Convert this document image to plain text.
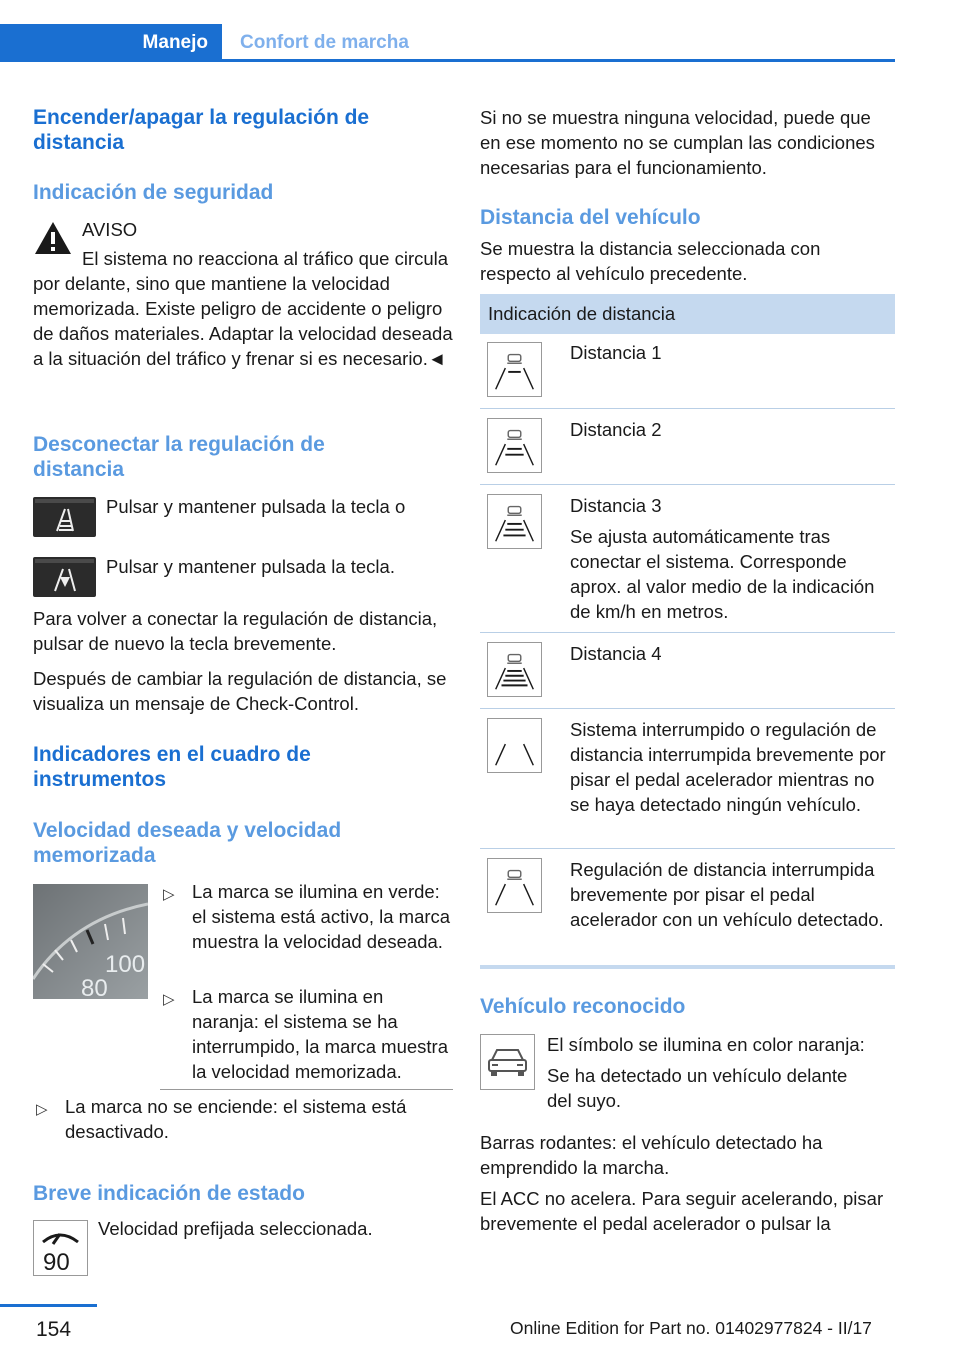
Manejo	Confort de marcha
Encender/apagar la regulación de distancia
Indicación de seguridad

AVISO

El sistema no reacciona al tráfico que circula por delante, sino que mantiene la velocidad memorizada. Existe peligro de accidente o peligro de daños materiales. Adaptar la velocidad deseada a la situación del tráfico y frenar si es necesario.◄
Desconectar la regulación de distancia

Pulsar y mantener pulsada la tecla o

Pulsar y mantener pulsada la tecla.

Para volver a conectar la regulación de distancia, pulsar de nuevo la tecla brevemente.

Después de cambiar la regulación de distancia, se visualiza un mensaje de Check-Control.

Indicadores en el cuadro de instrumentos
Velocidad deseada y velocidad memorizada
100
80
▷ La marca se ilumina en verde: el sistema está activo, la marca muestra la velocidad deseada.

▷ La marca se ilumina en naranja: el sistema se ha interrumpido, la marca muestra la velocidad memorizada.

▷ La marca no se enciende: el sistema está desactivado.

Breve indicación de estado
90

Velocidad prefijada seleccionada.

Si no se muestra ninguna velocidad, puede que en ese momento no se cumplan las condiciones necesarias para el funcionamiento.

Distancia del vehículo

Se muestra la distancia seleccionada con respecto al vehículo precedente.

Indicación de distancia

Distancia 1

Distancia 2

Distancia 3

Se ajusta automáticamente tras conectar el sistema. Corresponde aprox. al valor medio de la indicación de km/h en metros.

Distancia 4

Sistema interrumpido o regulación de distancia interrumpida brevemente por pisar el pedal acelerador mientras no se haya detectado ningún vehículo.

Regulación de distancia interrumpida brevemente por pisar el pedal acelerador con un vehículo detectado.

Vehículo reconocido

El símbolo se ilumina en color naranja:

Se ha detectado un vehículo delante del suyo.

Barras rodantes: el vehículo detectado ha emprendido la marcha.

El ACC no acelera. Para seguir acelerando, pisar brevemente el pedal acelerador o pulsar la

154	Online Edition for Part no. 01402977824 - II/17
